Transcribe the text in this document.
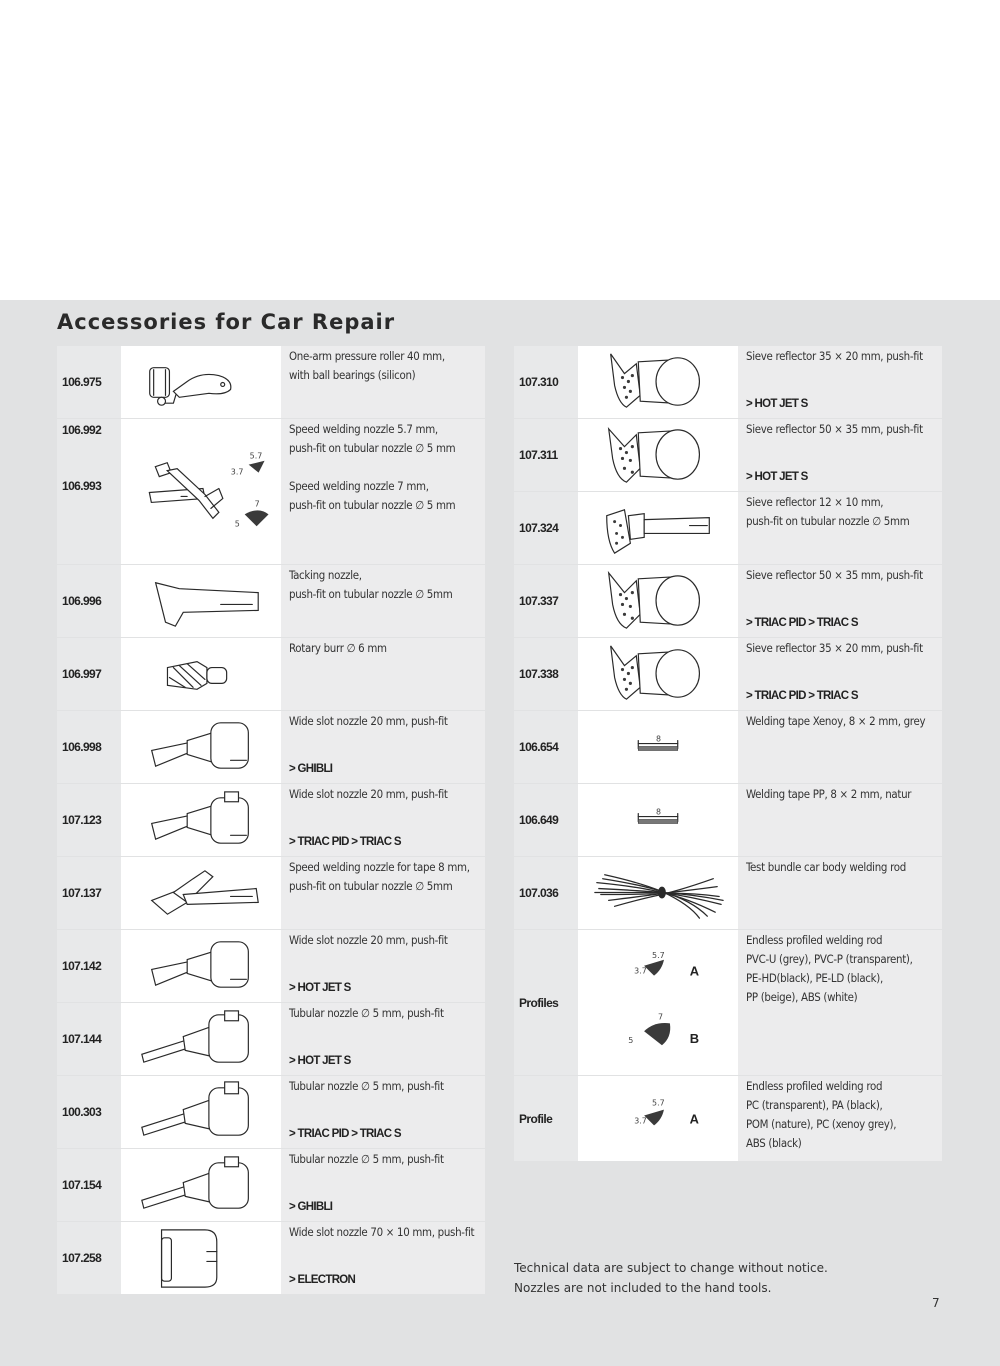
Accessories for Car Repair
106.975
One-arm pressure roller 40 mm,
with ball bearings (silicon)
106.992
106.993
5.7
3.7
7
5
Speed welding nozzle 5.7 mm,
push-fit on tubular nozzle ∅ 5 mm
Speed welding nozzle 7 mm,
push-fit on tubular nozzle ∅ 5 mm
106.996
Tacking nozzle,
push-fit on tubular nozzle ∅ 5mm
106.997
Rotary burr ∅ 6 mm
106.998
Wide slot nozzle 20 mm, push-fit
> GHIBLI
107.123
Wide slot nozzle 20 mm, push-fit
> TRIAC PID > TRIAC S
107.137
Speed welding nozzle for tape 8 mm,
push-fit on tubular nozzle ∅ 5mm
107.142
Wide slot nozzle 20 mm, push-fit
> HOT JET S
107.144
Tubular nozzle ∅ 5 mm, push-fit
> HOT JET S
100.303
Tubular nozzle ∅ 5 mm, push-fit
> TRIAC PID > TRIAC S
107.154
Tubular nozzle ∅ 5 mm, push-fit
> GHIBLI
107.258
Wide slot nozzle 70 × 10 mm, push-fit
> ELECTRON
107.310
Sieve reflector 35 × 20 mm, push-fit
> HOT JET S
107.311
Sieve reflector 50 × 35 mm, push-fit
> HOT JET S
107.324
Sieve reflector 12 × 10 mm,
push-fit on tubular nozzle ∅ 5mm
107.337
Sieve reflector 50 × 35 mm, push-fit
> TRIAC PID > TRIAC S
107.338
Sieve reflector 35 × 20 mm, push-fit
> TRIAC PID > TRIAC S
106.654
8
Welding tape Xenoy, 8 × 2 mm, grey
106.649
8
Welding tape PP, 8 × 2 mm, natur
107.036
Test bundle car body welding rod
Profiles
5.7
3.7	A
7
5	B
Endless profiled welding rod
PVC-U (grey), PVC-P (transparent),
PE-HD(black), PE-LD (black),
PP (beige), ABS (white)
Profile
5.7
3.7	A
Endless profiled welding rod
PC (transparent), PA (black),
POM (nature), PC (xenoy grey),
ABS (black)
Technical data are subject to change without notice.
Nozzles are not included to the hand tools.
7
